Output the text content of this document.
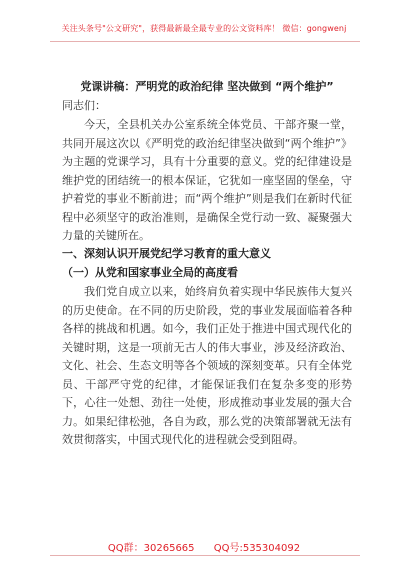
关注头条号"公文研究"，获得最新最全最专业的公文资料库！ 微信：gongwenj
党课讲稿：严明党的政治纪律 坚决做到 “两个维护”
同志们：

今天，全县机关办公室系统全体党员、干部齐聚一堂，共同开展这次以《严明党的政治纪律坚决做到“两个维护”》为主题的党课学习，具有十分重要的意义。党的纪律建设是维护党的团结统一的根本保证，它犹如一座坚固的堡垒，守护着党的事业不断前进；而“两个维护”则是我们在新时代征程中必须坚守的政治准则，是确保全党行动一致、凝聚强大力量的关键所在。

一、深刻认识开展党纪学习教育的重大意义
（一）从党和国家事业全局的高度看

我们党自成立以来，始终肩负着实现中华民族伟大复兴的历史使命。在不同的历史阶段，党的事业发展面临着各种各样的挑战和机遇。如今，我们正处于推进中国式现代化的关键时期，这是一项前无古人的伟大事业，涉及经济政治、文化、社会、生态文明等各个领域的深刻变革。只有全体党员、干部严守党的纪律，才能保证我们在复杂多变的形势下，心往一处想、劲往一处使，形成推动事业发展的强大合力。如果纪律松弛，各自为政，那么党的决策部署就无法有效贯彻落实，中国式现代化的进程就会受到阻碍。

QQ群：30265665 QQ号:535304092
